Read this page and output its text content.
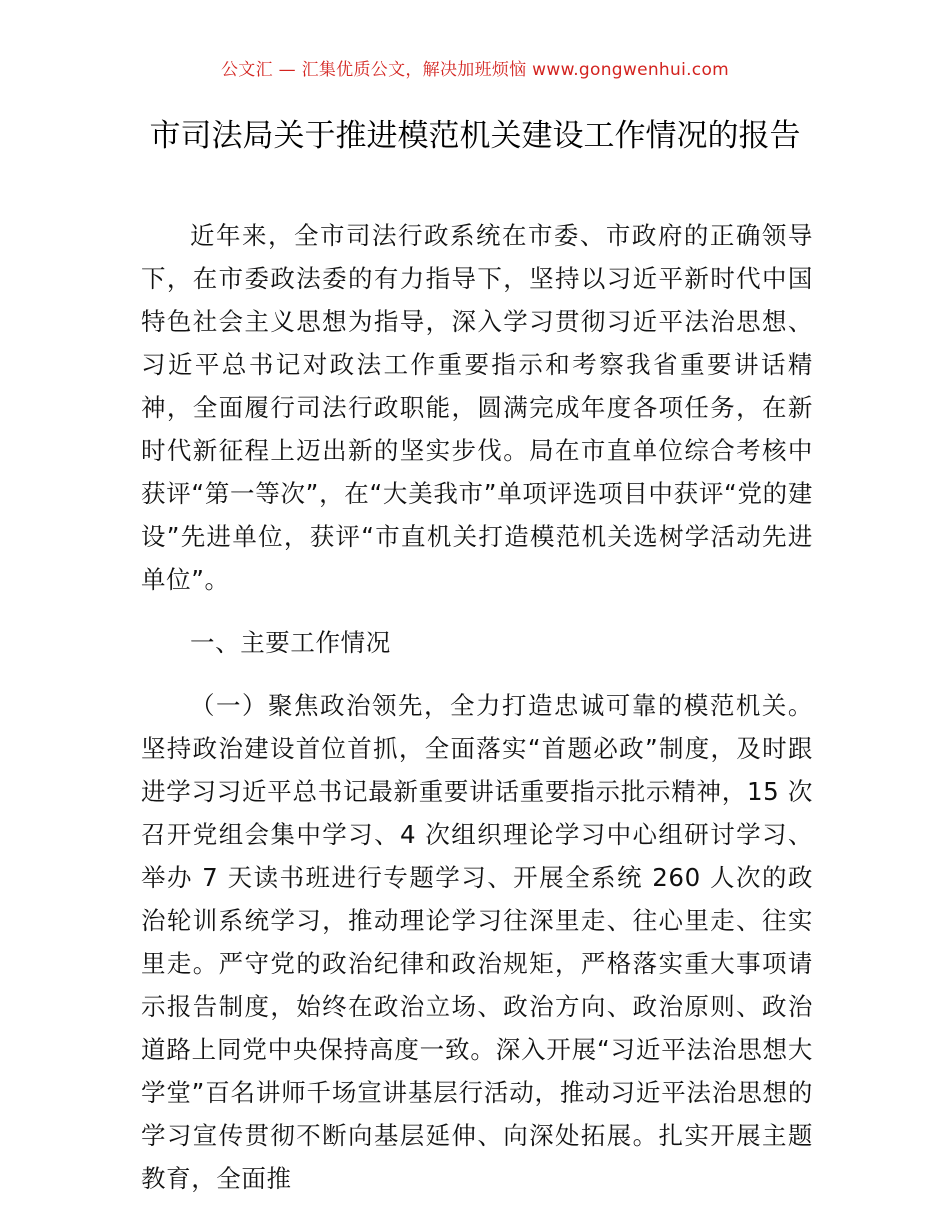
公文汇 — 汇集优质公文，解决加班烦恼 www.gongwenhui.com
市司法局关于推进模范机关建设工作情况的报告

近年来，全市司法行政系统在市委、市政府的正确领导下，在市委政法委的有力指导下，坚持以习近平新时代中国特色社会主义思想为指导，深入学习贯彻习近平法治思想、习近平总书记对政法工作重要指示和考察我省重要讲话精神，全面履行司法行政职能，圆满完成年度各项任务，在新时代新征程上迈出新的坚实步伐。局在市直单位综合考核中获评“第一等次”，在“大美我市”单项评选项目中获评“党的建设”先进单位，获评“市直机关打造模范机关选树学活动先进单位”。

一、主要工作情况

（一）聚焦政治领先，全力打造忠诚可靠的模范机关。坚持政治建设首位首抓，全面落实“首题必政”制度，及时跟进学习习近平总书记最新重要讲话重要指示批示精神，15 次召开党组会集中学习、4 次组织理论学习中心组研讨学习、举办 7 天读书班进行专题学习、开展全系统 260 人次的政治轮训系统学习，推动理论学习往深里走、往心里走、往实里走。严守党的政治纪律和政治规矩，严格落实重大事项请示报告制度，始终在政治立场、政治方向、政治原则、政治道路上同党中央保持高度一致。深入开展“习近平法治思想大学堂”百名讲师千场宣讲基层行活动，推动习近平法治思想的学习宣传贯彻不断向基层延伸、向深处拓展。扎实开展主题教育，全面推
